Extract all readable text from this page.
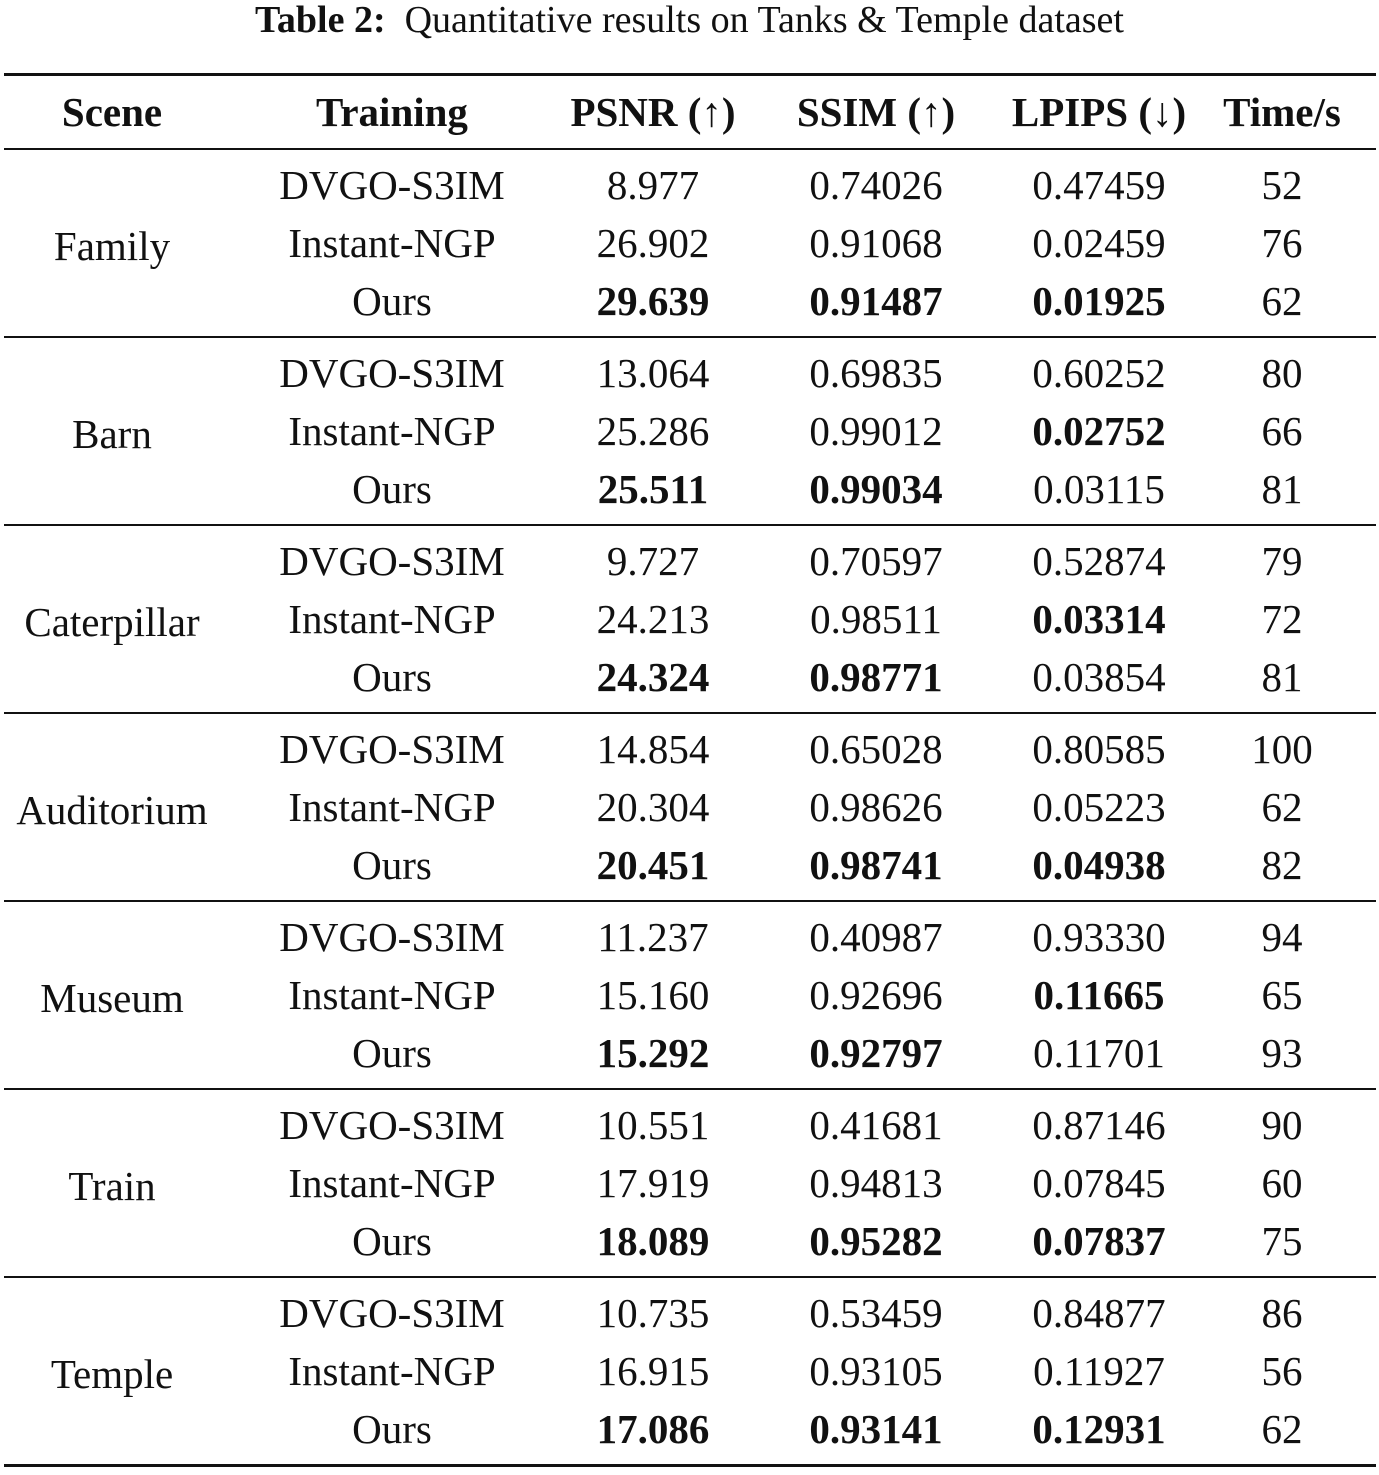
Table 2: Quantitative results on Tanks & Temple dataset
Scene	Training	PSNR (↑)	SSIM (↑)	LPIPS (↓)	Time/s
Family	DVGO-S3IM	8.977	0.74026	0.47459	52
	Instant-NGP	26.902	0.91068	0.02459	76
	Ours	29.639	0.91487	0.01925	62
Barn	DVGO-S3IM	13.064	0.69835	0.60252	80
	Instant-NGP	25.286	0.99012	0.02752	66
	Ours	25.511	0.99034	0.03115	81
Caterpillar	DVGO-S3IM	9.727	0.70597	0.52874	79
	Instant-NGP	24.213	0.98511	0.03314	72
	Ours	24.324	0.98771	0.03854	81
Auditorium	DVGO-S3IM	14.854	0.65028	0.80585	100
	Instant-NGP	20.304	0.98626	0.05223	62
	Ours	20.451	0.98741	0.04938	82
Museum	DVGO-S3IM	11.237	0.40987	0.93330	94
	Instant-NGP	15.160	0.92696	0.11665	65
	Ours	15.292	0.92797	0.11701	93
Train	DVGO-S3IM	10.551	0.41681	0.87146	90
	Instant-NGP	17.919	0.94813	0.07845	60
	Ours	18.089	0.95282	0.07837	75
Temple	DVGO-S3IM	10.735	0.53459	0.84877	86
	Instant-NGP	16.915	0.93105	0.11927	56
	Ours	17.086	0.93141	0.12931	62
